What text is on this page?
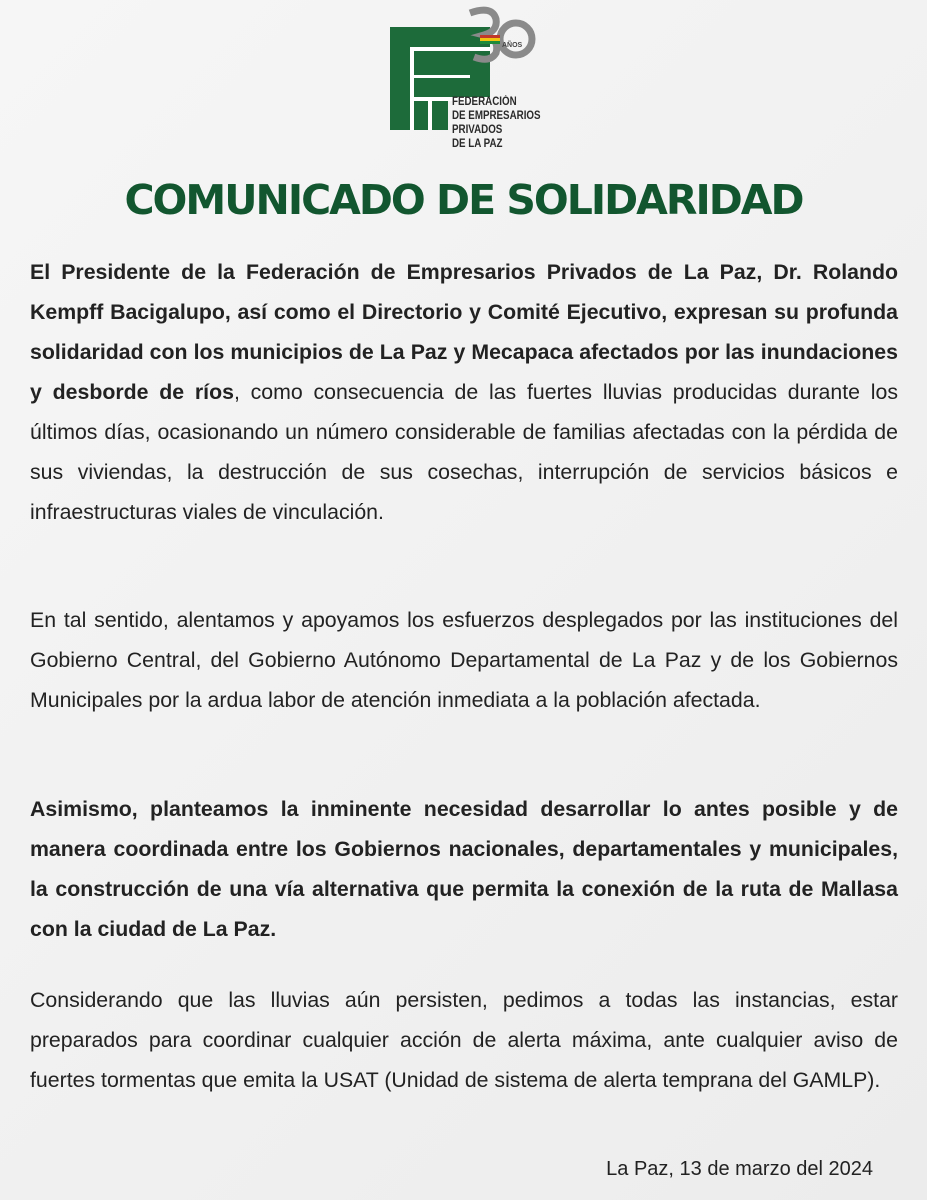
AÑOS
FEDERACIÓN
DE EMPRESARIOS
PRIVADOS
DE LA PAZ
COMUNICADO DE SOLIDARIDAD

El Presidente de la Federación de Empresarios Privados de La Paz, Dr. Rolando Kempff Bacigalupo, así como el Directorio y Comité Ejecutivo, expresan su profunda solidaridad con los municipios de La Paz y Mecapaca afectados por las inundaciones y desborde de ríos, como consecuencia de las fuertes lluvias producidas durante los últimos días, ocasionando un número considerable de familias afectadas con la pérdida de sus viviendas, la destrucción de sus cosechas, interrupción de servicios básicos e infraestructuras viales de vinculación.

En tal sentido, alentamos y apoyamos los esfuerzos desplegados por las instituciones del Gobierno Central, del Gobierno Autónomo Departamental de La Paz y de los Gobiernos Municipales por la ardua labor de atención inmediata a la población afectada.

Asimismo, planteamos la inminente necesidad desarrollar lo antes posible y de manera coordinada entre los Gobiernos nacionales, departamentales y municipales, la construcción de una vía alternativa que permita la conexión de la ruta de Mallasa con la ciudad de La Paz.

Considerando que las lluvias aún persisten, pedimos a todas las instancias, estar preparados para coordinar cualquier acción de alerta máxima, ante cualquier aviso de fuertes tormentas que emita la USAT (Unidad de sistema de alerta temprana del GAMLP).

La Paz, 13 de marzo del 2024
